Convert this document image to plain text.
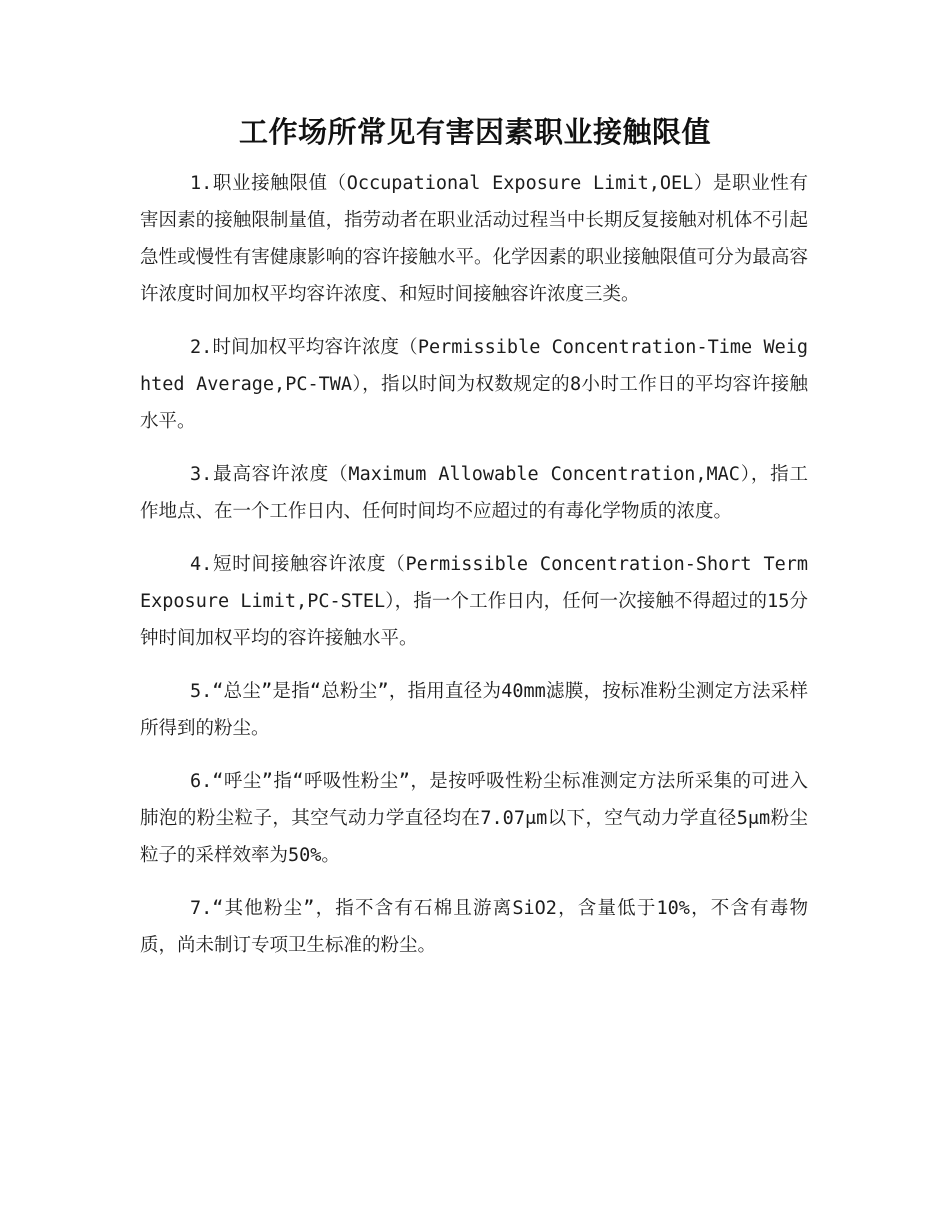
工作场所常见有害因素职业接触限值

1.职业接触限值（Occupational Exposure Limit,OEL）是职业性有害因素的接触限制量值，指劳动者在职业活动过程当中长期反复接触对机体不引起急性或慢性有害健康影响的容许接触水平。化学因素的职业接触限值可分为最高容许浓度时间加权平均容许浓度、和短时间接触容许浓度三类。

2.时间加权平均容许浓度（Permissible Concentration-Time Weighted Average,PC-TWA），指以时间为权数规定的8小时工作日的平均容许接触水平。

3.最高容许浓度（Maximum Allowable Concentration,MAC），指工作地点、在一个工作日内、任何时间均不应超过的有毒化学物质的浓度。

4.短时间接触容许浓度（Permissible Concentration-Short Term Exposure Limit,PC-STEL），指一个工作日内，任何一次接触不得超过的15分钟时间加权平均的容许接触水平。

5.“总尘”是指“总粉尘”，指用直径为40mm滤膜，按标准粉尘测定方法采样所得到的粉尘。

6.“呼尘”指“呼吸性粉尘”，是按呼吸性粉尘标准测定方法所采集的可进入肺泡的粉尘粒子，其空气动力学直径均在7.07μm以下，空气动力学直径5μm粉尘粒子的采样效率为50%。

7.“其他粉尘”，指不含有石棉且游离SiO2，含量低于10%，不含有毒物质，尚未制订专项卫生标准的粉尘。
